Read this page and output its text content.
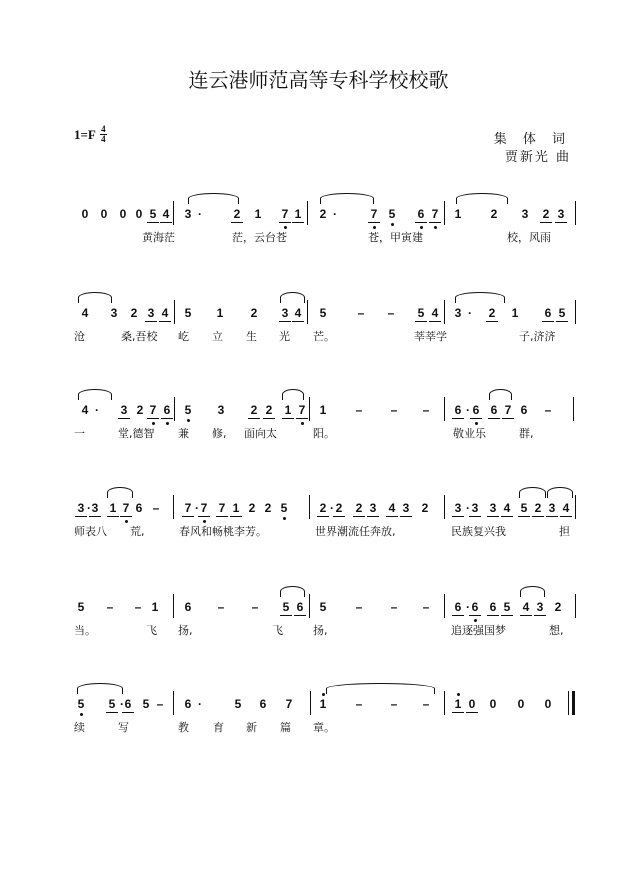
连云港师范高等专科学校校歌
$1=F \frac{4}{4}$	集 体 词
贾新光 曲
0	0	0 0 5 4	3 ·	2	1	7 1	2 ·	7 5	6 7	1	2	3	2 3
黄海茫	茫，云台苍	苍，甲寅建	校，风雨
4	3	2 3 4	5	1	2	3 4	5	–	–	5 4	3 ·	2	1	6 5
沧	桑,吾校 屹 立 生 光 芒。	莘莘学	子,济济
4 ·	3 2 7 6	5	3	2 2	1 7	1	–	–	–	6 · 6 6 7 6	–
一	堂,德智 兼 修, 面向太	阳。	敬业乐	群,
3 · 3 1 7 6 –	7 · 7 7 1 2 2 5	2 · 2	2 3	4 3	2	3 · 3 3 4 5 2 3 4
师表八 荒,	春风和畅桃李芳。	世界潮流任奔放,	民族复兴我	担
5	–	– 1	6	–	–	5 6	5	–	–	–	6 · 6 6 5	4 3 2
当。	飞 扬,	飞	扬,	追逐强国梦	想,
5	5 · 6 5 –	6 ·	5	6	7	1	–	–	–	1 0	0	0	0
续	写	教 育 新 篇 章。
